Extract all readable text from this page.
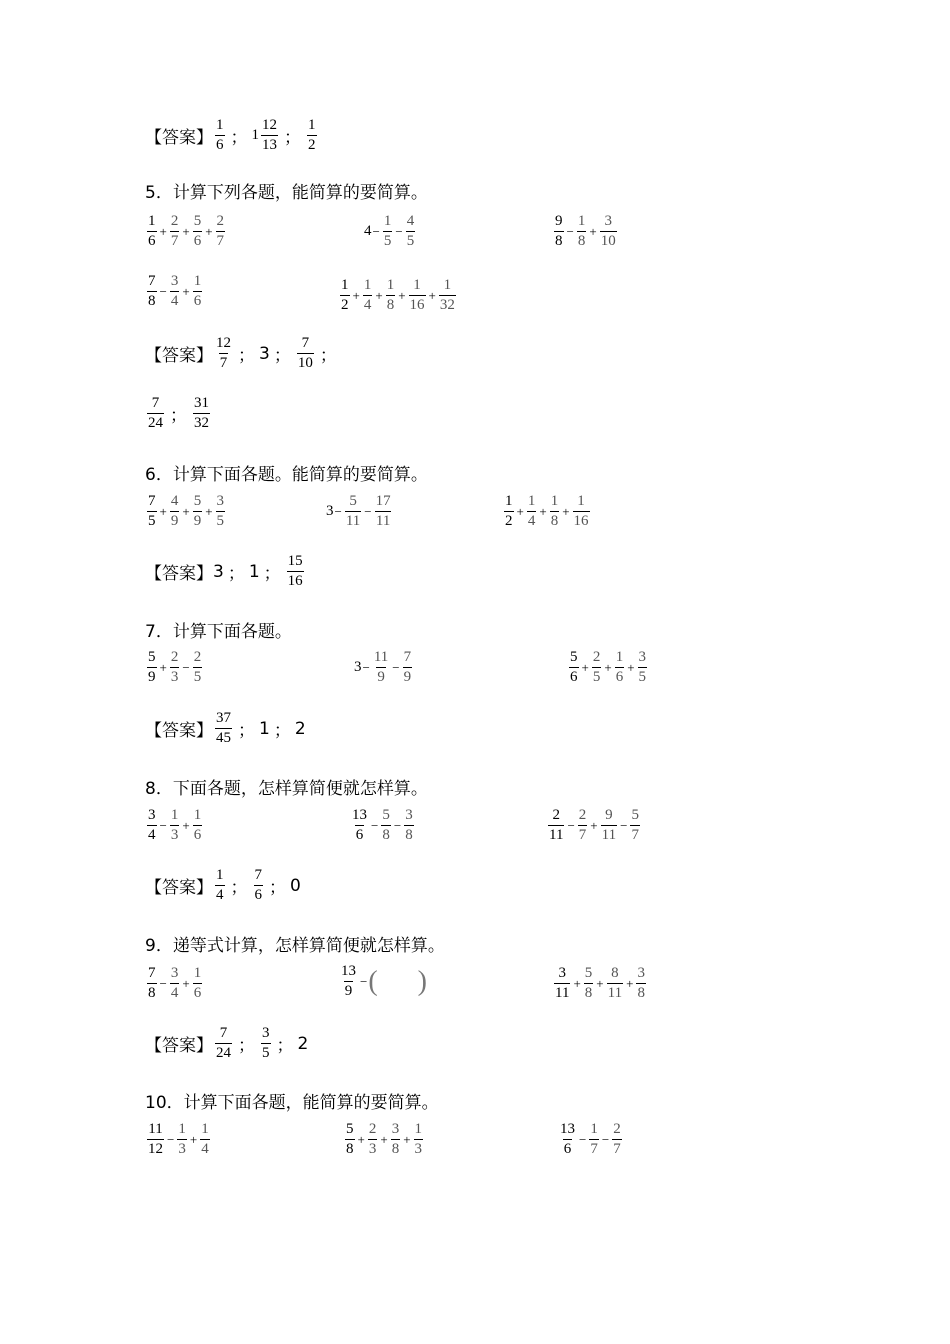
【答案】 $\frac{1}{6}$ ； $1 \frac{12}{13}$ ； $\frac{1}{2}$
5．计算下列各题，能简算的要简算。
$\frac{1}{6} + \frac{2}{7} + \frac{5}{6} + \frac{2}{7}$	$4 - \frac{1}{5} - \frac{4}{5}$	$\frac{9}{8} - \frac{1}{8} + \frac{3}{10}$
$\frac{7}{8} - \frac{3}{4} + \frac{1}{6}$	$\frac{1}{2} + \frac{1}{4} + \frac{1}{8} + \frac{1}{16} + \frac{1}{32}$
【答案】 $\frac{12}{7}$ ； 3 ； $\frac{7}{10}$ ；
$\frac{7}{24}$ ； $\frac{31}{32}$
6．计算下面各题。能简算的要简算。
$\frac{7}{5} + \frac{4}{9} + \frac{5}{9} + \frac{3}{5}$	$3 - \frac{5}{11} - \frac{17}{11}$	$\frac{1}{2} + \frac{1}{4} + \frac{1}{8} + \frac{1}{16}$
【答案】 3 ； 1 ； $\frac{15}{16}$
7．计算下面各题。
$\frac{5}{9} + \frac{2}{3} - \frac{2}{5}$	$3 - \frac{11}{9} - \frac{7}{9}$	$\frac{5}{6} + \frac{2}{5} + \frac{1}{6} + \frac{3}{5}$
【答案】 $\frac{37}{45}$ ； 1 ； 2
8．下面各题，怎样算简便就怎样算。
$\frac{3}{4} - \frac{1}{3} + \frac{1}{6}$	$\frac{13}{6} - \frac{5}{8} - \frac{3}{8}$	$\frac{2}{11} - \frac{2}{7} + \frac{9}{11} - \frac{5}{7}$
【答案】 $\frac{1}{4}$ ； $\frac{7}{6}$ ； 0
9．递等式计算，怎样算简便就怎样算。
$\frac{7}{8} - \frac{3}{4} + \frac{1}{6}$	$\frac{13}{9}$ − ( )	$\frac{3}{11} + \frac{5}{8} + \frac{8}{11} + \frac{3}{8}$
【答案】 $\frac{7}{24}$ ； $\frac{3}{5}$ ； 2
10．计算下面各题，能简算的要简算。
$\frac{11}{12} - \frac{1}{3} + \frac{1}{4}$	$\frac{5}{8} + \frac{2}{3} + \frac{3}{8} + \frac{1}{3}$	$\frac{13}{6} - \frac{1}{7} - \frac{2}{7}$
